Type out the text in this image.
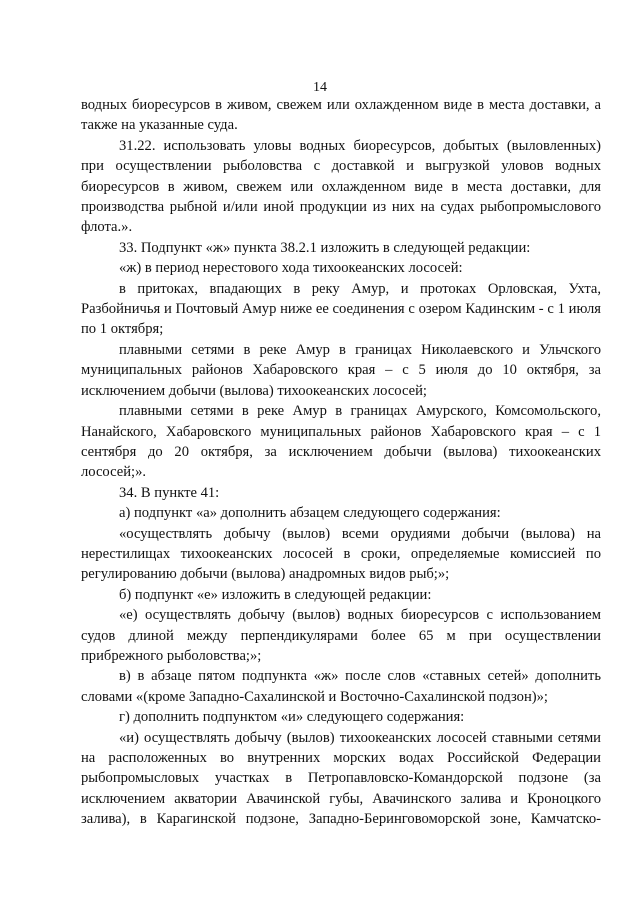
14

водных биоресурсов в живом, свежем или охлажденном виде в места доставки, а также на указанные суда.

31.22. использовать уловы водных биоресурсов, добытых (выловленных) при осуществлении рыболовства с доставкой и выгрузкой уловов водных биоресурсов в живом, свежем или охлажденном виде в места доставки, для производства рыбной и/или иной продукции из них на судах рыбопромыслового флота.».

33. Подпункт «ж» пункта 38.2.1 изложить в следующей редакции:

«ж) в период нерестового хода тихоокеанских лососей:

в притоках, впадающих в реку Амур, и протоках Орловская, Ухта, Разбойничья и Почтовый Амур ниже ее соединения с озером Кадинским - с 1 июля по 1 октября;

плавными сетями в реке Амур в границах Николаевского и Ульчского муниципальных районов Хабаровского края – с 5 июля до 10 октября, за исключением добычи (вылова) тихоокеанских лососей;

плавными сетями в реке Амур в границах Амурского, Комсомольского, Нанайского, Хабаровского муниципальных районов Хабаровского края – с 1 сентября до 20 октября, за исключением добычи (вылова) тихоокеанских лососей;».

34. В пункте 41:

а) подпункт «а» дополнить абзацем следующего содержания:

«осуществлять добычу (вылов) всеми орудиями добычи (вылова) на нерестилищах тихоокеанских лососей в сроки, определяемые комиссией по регулированию добычи (вылова) анадромных видов рыб;»;

б) подпункт «е» изложить в следующей редакции:

«е) осуществлять добычу (вылов) водных биоресурсов с использованием судов длиной между перпендикулярами более 65 м при осуществлении прибрежного рыболовства;»;

в) в абзаце пятом подпункта «ж» после слов «ставных сетей» дополнить словами «(кроме Западно-Сахалинской и Восточно-Сахалинской подзон)»;

г) дополнить подпунктом «и» следующего содержания:

«и) осуществлять добычу (вылов) тихоокеанских лососей ставными сетями на расположенных во внутренних морских водах Российской Федерации рыбопромысловых участках в Петропавловско-Командорской подзоне (за исключением акватории Авачинской губы, Авачинского залива и Кроноцкого залива), в Карагинской подзоне, Западно-Беринговоморской зоне, Камчатско-
